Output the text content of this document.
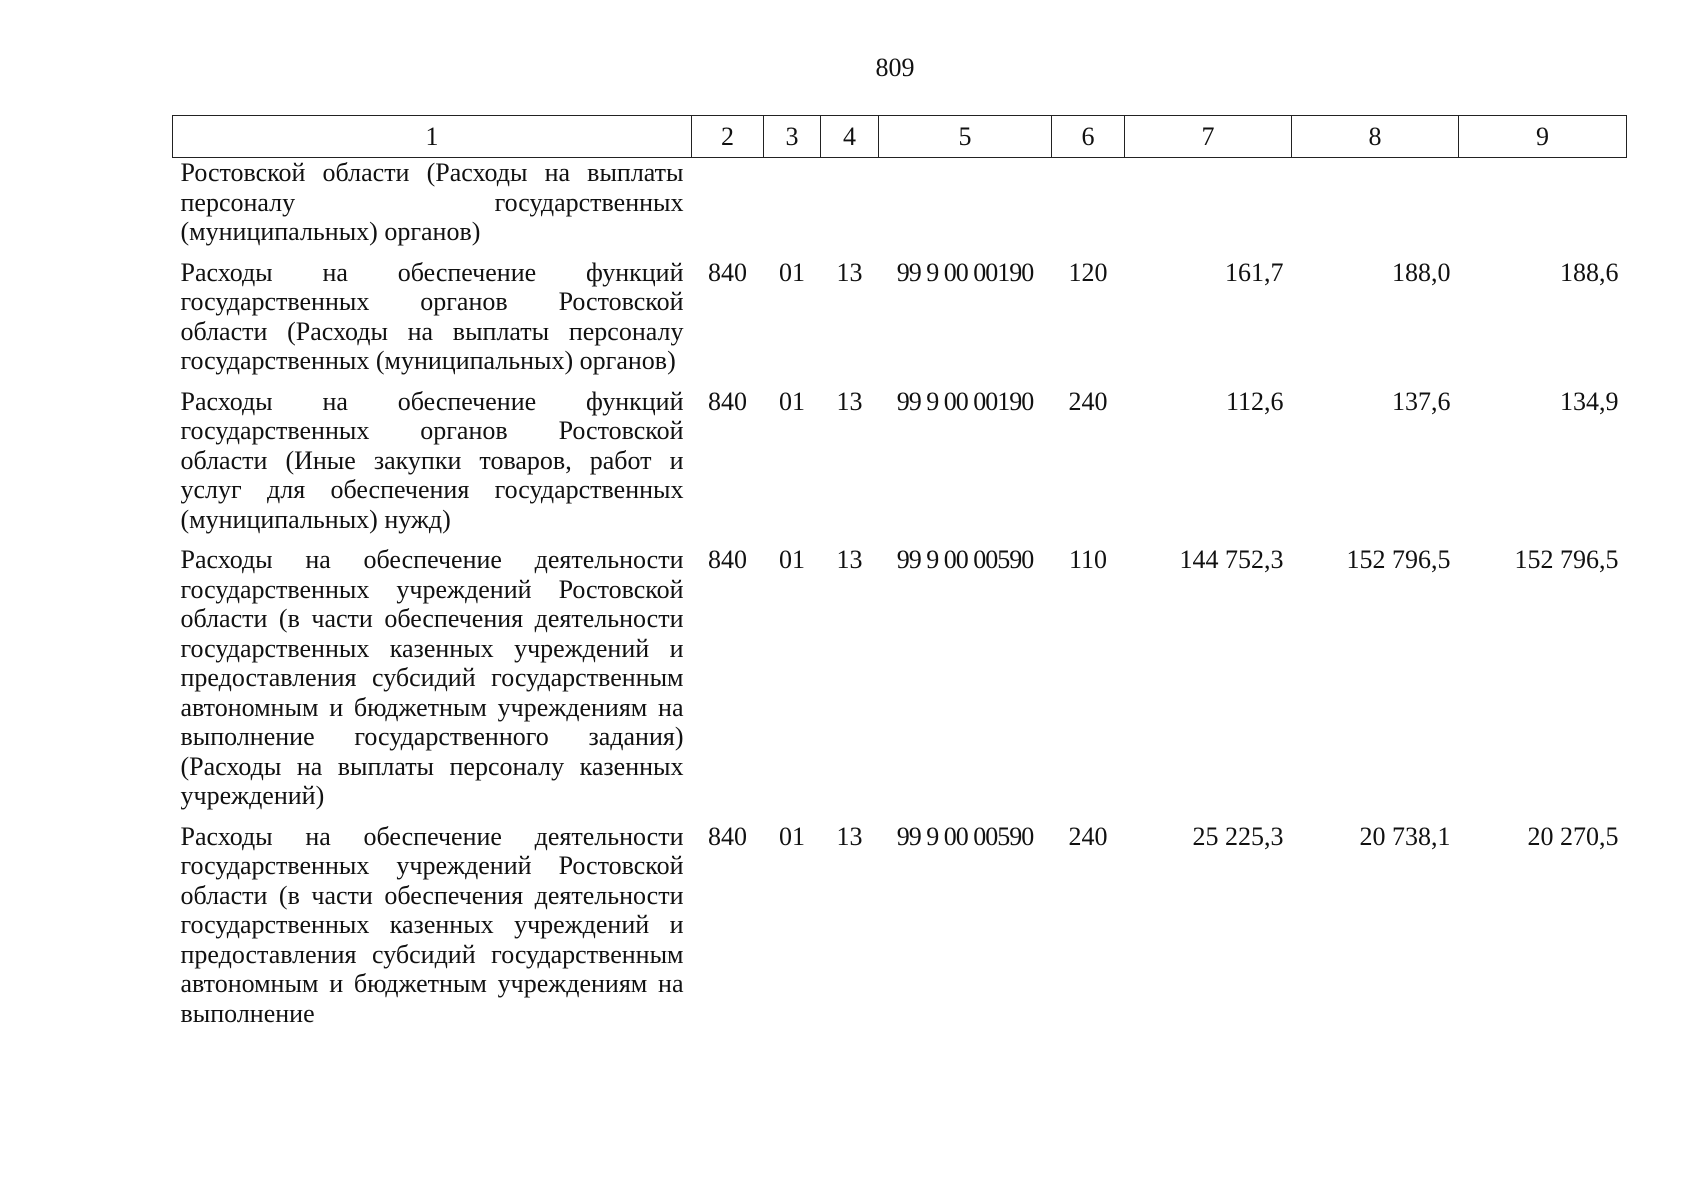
809
1	2	3	4	5	6	7	8	9
Ростовской области (Расходы на выплаты персоналу государственных (муниципальных) органов)								
Расходы на обеспечение функций государственных органов Ростовской области (Расходы на выплаты персоналу государственных (муниципальных) органов)	840	01	13	99 9 00 00190	120	161,7	188,0	188,6
Расходы на обеспечение функций государственных органов Ростовской области (Иные закупки товаров, работ и услуг для обеспечения государственных (муниципальных) нужд)	840	01	13	99 9 00 00190	240	112,6	137,6	134,9
Расходы на обеспечение деятельности государственных учреждений Ростовской области (в части обеспечения деятельности государственных казенных учреждений и предоставления субсидий государственным автономным и бюджетным учреждениям на выполнение государственного задания) (Расходы на выплаты персоналу казенных учреждений)	840	01	13	99 9 00 00590	110	144 752,3	152 796,5	152 796,5
Расходы на обеспечение деятельности государственных учреждений Ростовской области (в части обеспечения деятельности государственных казенных учреждений и предоставления субсидий государственным автономным и бюджетным учреждениям на выполнение	840	01	13	99 9 00 00590	240	25 225,3	20 738,1	20 270,5
